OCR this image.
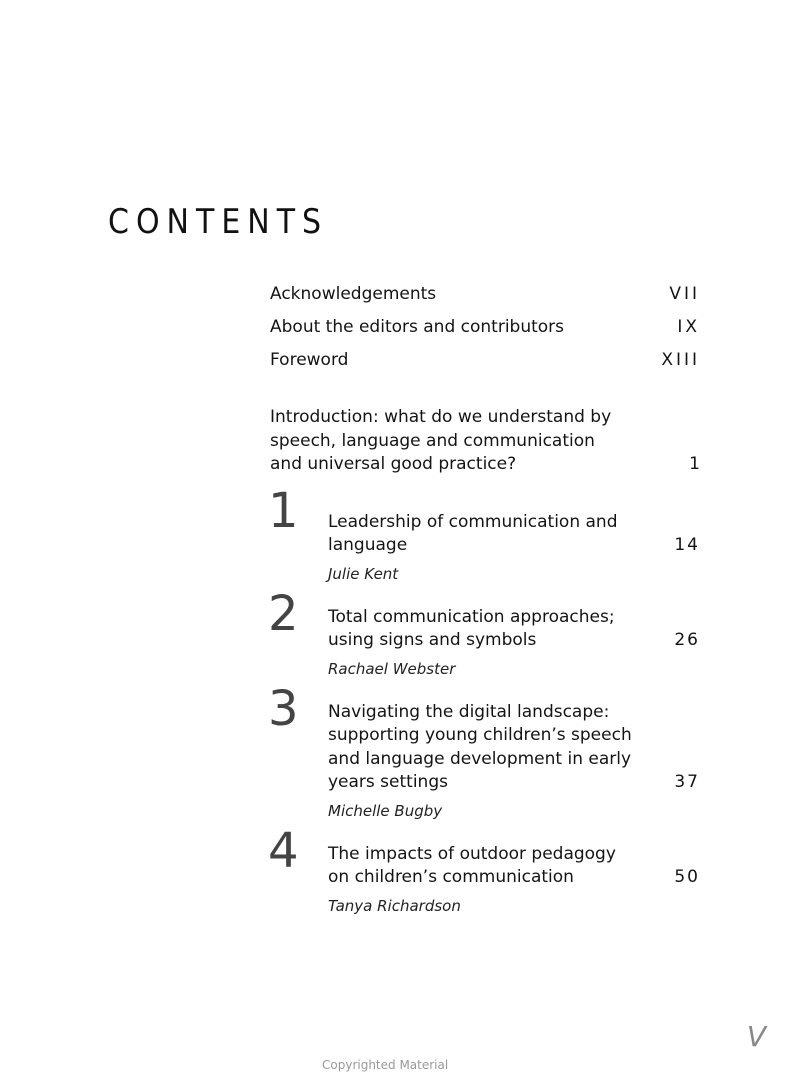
CONTENTS
Acknowledgements	VII
About the editors and contributors	IX
Foreword	XIII
Introduction: what do we understand by speech, language and communication and universal good practice?	1
1 Leadership of communication and language	14
Julie Kent
2 Total communication approaches; using signs and symbols	26
Rachael Webster
3 Navigating the digital landscape: supporting young children’s speech and language development in early years settings	37
Michelle Bugby
4 The impacts of outdoor pedagogy on children’s communication	50
Tanya Richardson
V
Copyrighted Material
